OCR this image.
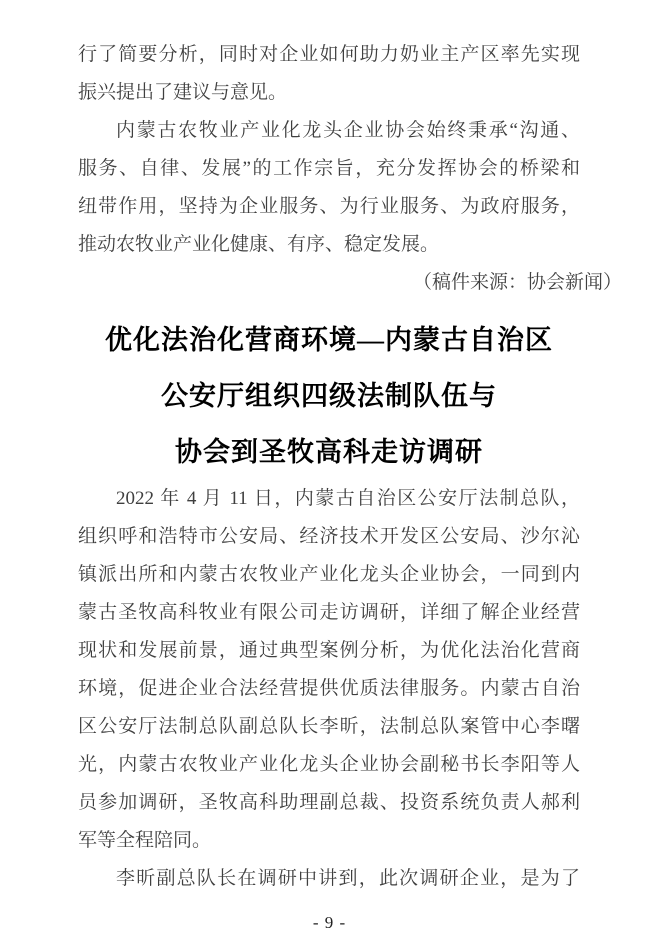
行了简要分析，同时对企业如何助力奶业主产区率先实现
振兴提出了建议与意见。
内蒙古农牧业产业化龙头企业协会始终秉承“沟通、
服务、自律、发展”的工作宗旨，充分发挥协会的桥梁和
纽带作用，坚持为企业服务、为行业服务、为政府服务，
推动农牧业产业化健康、有序、稳定发展。
（稿件来源：协会新闻）
优化法治化营商环境—内蒙古自治区
公安厅组织四级法制队伍与
协会到圣牧高科走访调研
2022 年 4 月 11 日，内蒙古自治区公安厅法制总队，
组织呼和浩特市公安局、经济技术开发区公安局、沙尔沁
镇派出所和内蒙古农牧业产业化龙头企业协会，一同到内
蒙古圣牧高科牧业有限公司走访调研，详细了解企业经营
现状和发展前景，通过典型案例分析，为优化法治化营商
环境，促进企业合法经营提供优质法律服务。内蒙古自治
区公安厅法制总队副总队长李昕，法制总队案管中心李曙
光，内蒙古农牧业产业化龙头企业协会副秘书长李阳等人
员参加调研，圣牧高科助理副总裁、投资系统负责人郝利
军等全程陪同。
李昕副总队长在调研中讲到，此次调研企业，是为了
- 9 -
